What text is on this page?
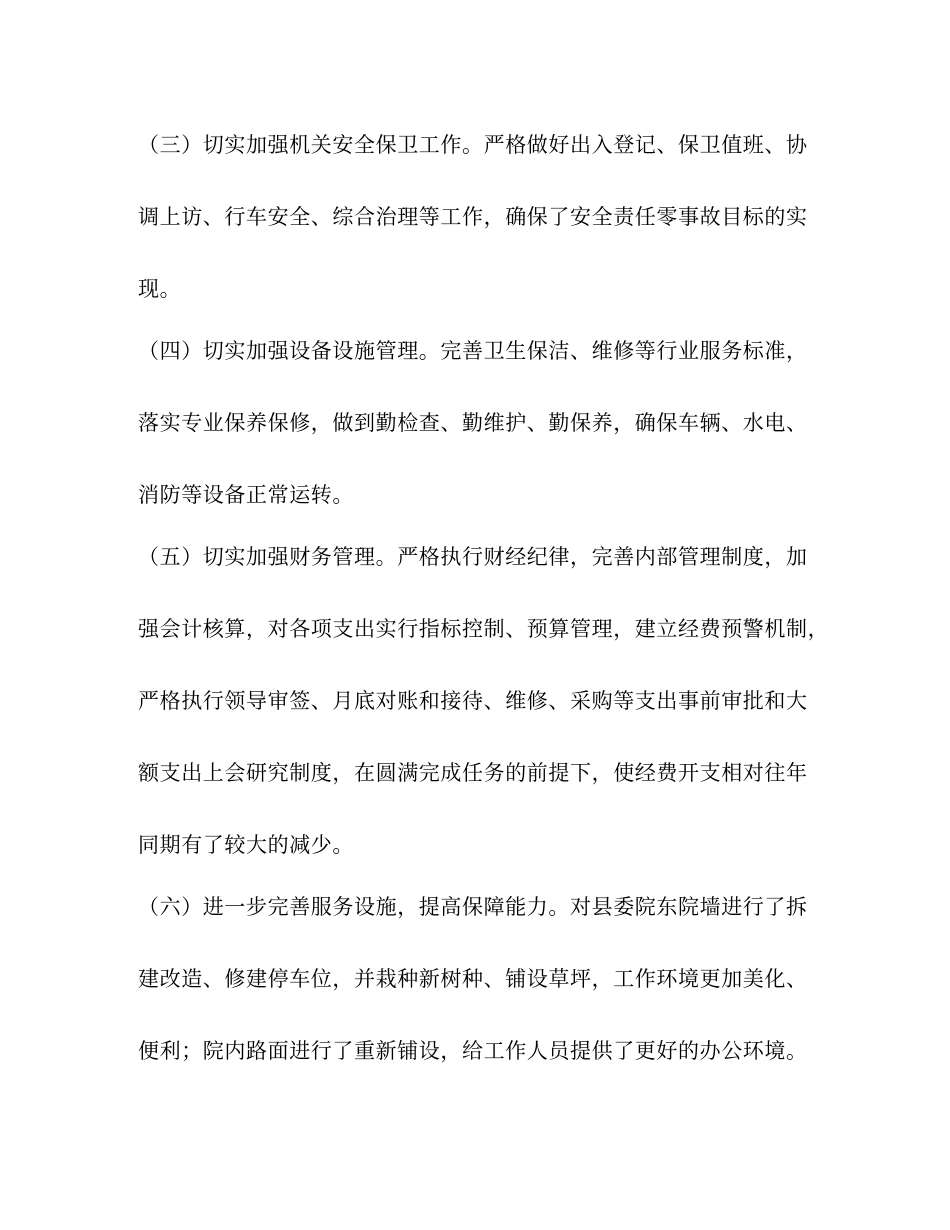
（三）切实加强机关安全保卫工作。严格做好出入登记、保卫值班、协
调上访、行车安全、综合治理等工作，确保了安全责任零事故目标的实
现。
（四）切实加强设备设施管理。完善卫生保洁、维修等行业服务标准，
落实专业保养保修，做到勤检查、勤维护、勤保养，确保车辆、水电、
消防等设备正常运转。
（五）切实加强财务管理。严格执行财经纪律，完善内部管理制度，加
强会计核算，对各项支出实行指标控制、预算管理，建立经费预警机制，
严格执行领导审签、月底对账和接待、维修、采购等支出事前审批和大
额支出上会研究制度，在圆满完成任务的前提下，使经费开支相对往年
同期有了较大的减少。
（六）进一步完善服务设施，提高保障能力。对县委院东院墙进行了拆
建改造、修建停车位，并栽种新树种、铺设草坪，工作环境更加美化、
便利；院内路面进行了重新铺设，给工作人员提供了更好的办公环境。
